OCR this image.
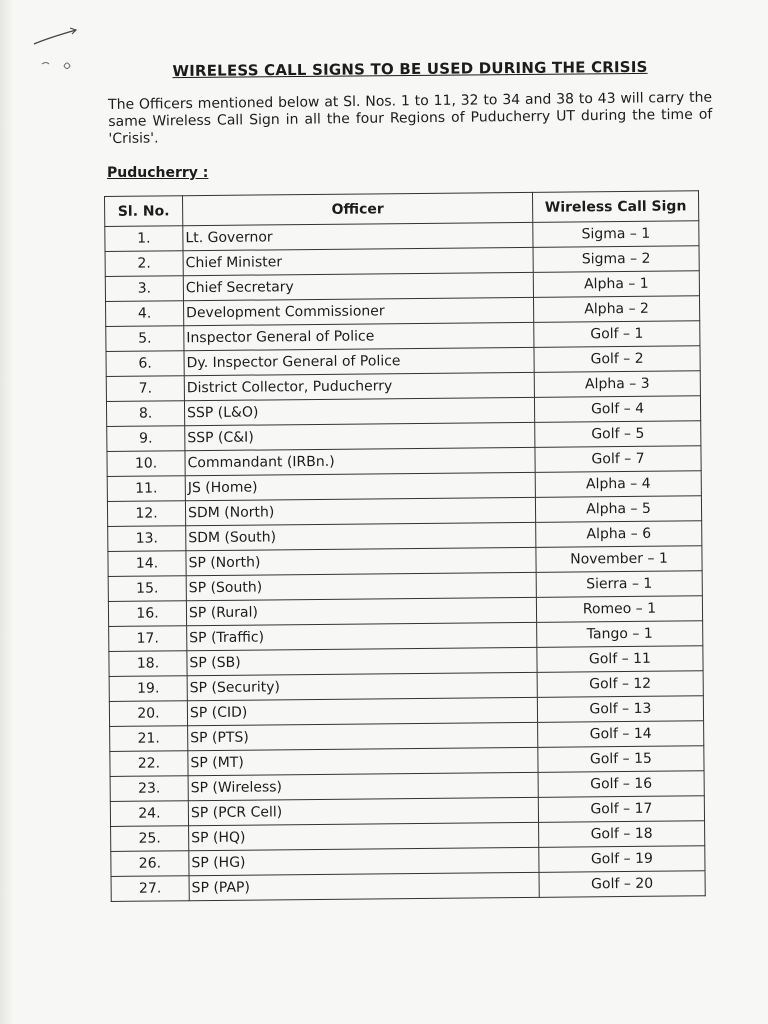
WIRELESS CALL SIGNS TO BE USED DURING THE CRISIS
The Officers mentioned below at Sl. Nos. 1 to 11, 32 to 34 and 38 to 43 will carry the same Wireless Call Sign in all the four Regions of Puducherry UT during the time of 'Crisis'.
Puducherry :
Sl. No.	Officer	Wireless Call Sign
1.	Lt. Governor	Sigma – 1
2.	Chief Minister	Sigma – 2
3.	Chief Secretary	Alpha – 1
4.	Development Commissioner	Alpha – 2
5.	Inspector General of Police	Golf – 1
6.	Dy. Inspector General of Police	Golf – 2
7.	District Collector, Puducherry	Alpha – 3
8.	SSP (L&O)	Golf – 4
9.	SSP (C&I)	Golf – 5
10.	Commandant (IRBn.)	Golf – 7
11.	JS (Home)	Alpha – 4
12.	SDM (North)	Alpha – 5
13.	SDM (South)	Alpha – 6
14.	SP (North)	November – 1
15.	SP (South)	Sierra – 1
16.	SP (Rural)	Romeo – 1
17.	SP (Traffic)	Tango – 1
18.	SP (SB)	Golf – 11
19.	SP (Security)	Golf – 12
20.	SP (CID)	Golf – 13
21.	SP (PTS)	Golf – 14
22.	SP (MT)	Golf – 15
23.	SP (Wireless)	Golf – 16
24.	SP (PCR Cell)	Golf – 17
25.	SP (HQ)	Golf – 18
26.	SP (HG)	Golf – 19
27.	SP (PAP)	Golf – 20
